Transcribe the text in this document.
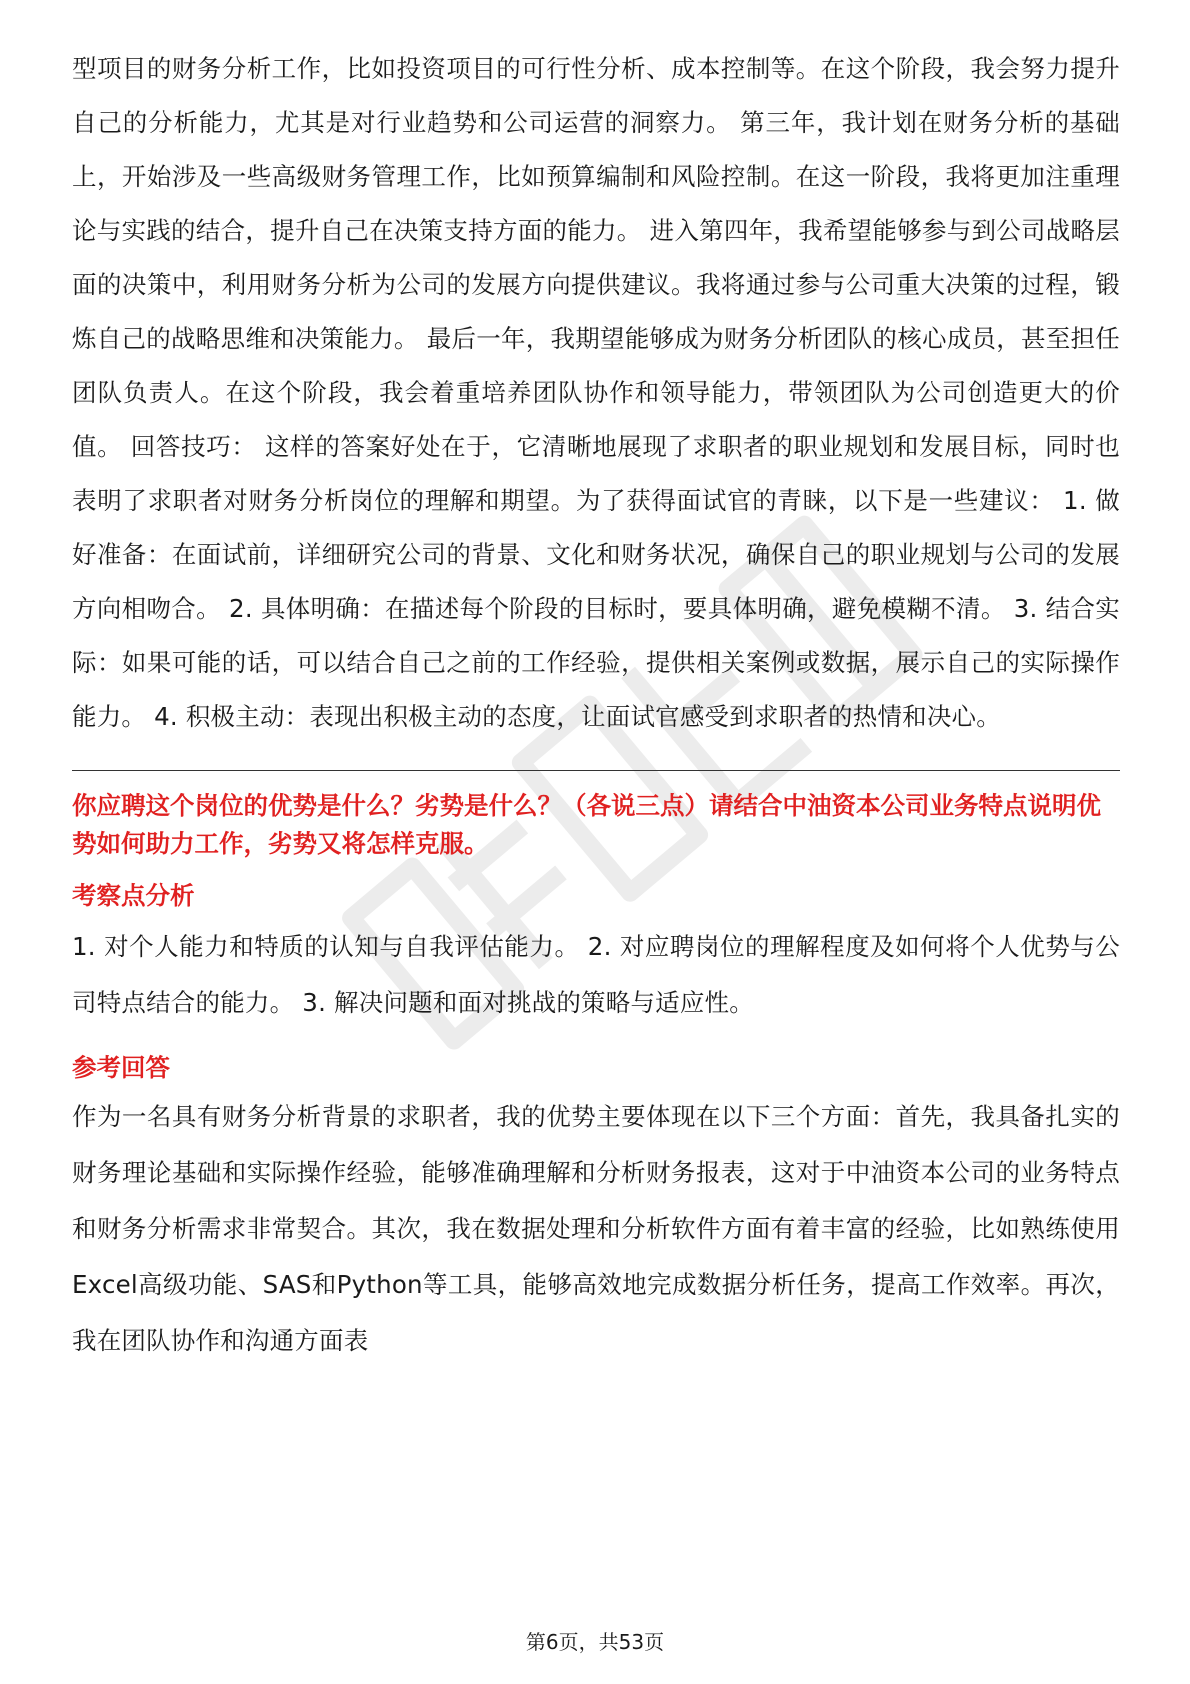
型项目的财务分析工作，比如投资项目的可行性分析、成本控制等。在这个阶段，我会努力提升自己的分析能力，尤其是对行业趋势和公司运营的洞察力。 第三年，我计划在财务分析的基础上，开始涉及一些高级财务管理工作，比如预算编制和风险控制。在这一阶段，我将更加注重理论与实践的结合，提升自己在决策支持方面的能力。 进入第四年，我希望能够参与到公司战略层面的决策中，利用财务分析为公司的发展方向提供建议。我将通过参与公司重大决策的过程，锻炼自己的战略思维和决策能力。 最后一年，我期望能够成为财务分析团队的核心成员，甚至担任团队负责人。在这个阶段，我会着重培养团队协作和领导能力，带领团队为公司创造更大的价值。 回答技巧： 这样的答案好处在于，它清晰地展现了求职者的职业规划和发展目标，同时也表明了求职者对财务分析岗位的理解和期望。为了获得面试官的青睐，以下是一些建议： 1. 做好准备：在面试前，详细研究公司的背景、文化和财务状况，确保自己的职业规划与公司的发展方向相吻合。 2. 具体明确：在描述每个阶段的目标时，要具体明确，避免模糊不清。 3. 结合实际：如果可能的话，可以结合自己之前的工作经验，提供相关案例或数据，展示自己的实际操作能力。 4. 积极主动：表现出积极主动的态度，让面试官感受到求职者的热情和决心。

你应聘这个岗位的优势是什么？劣势是什么？（各说三点）请结合中油资本公司业务特点说明优势如何助力工作，劣势又将怎样克服。
考察点分析

1. 对个人能力和特质的认知与自我评估能力。 2. 对应聘岗位的理解程度及如何将个人优势与公司特点结合的能力。 3. 解决问题和面对挑战的策略与适应性。

参考回答

作为一名具有财务分析背景的求职者，我的优势主要体现在以下三个方面：首先，我具备扎实的财务理论基础和实际操作经验，能够准确理解和分析财务报表，这对于中油资本公司的业务特点和财务分析需求非常契合。其次，我在数据处理和分析软件方面有着丰富的经验，比如熟练使用Excel高级功能、SAS和Python等工具，能够高效地完成数据分析任务，提高工作效率。再次，我在团队协作和沟通方面表

第6页，共53页
